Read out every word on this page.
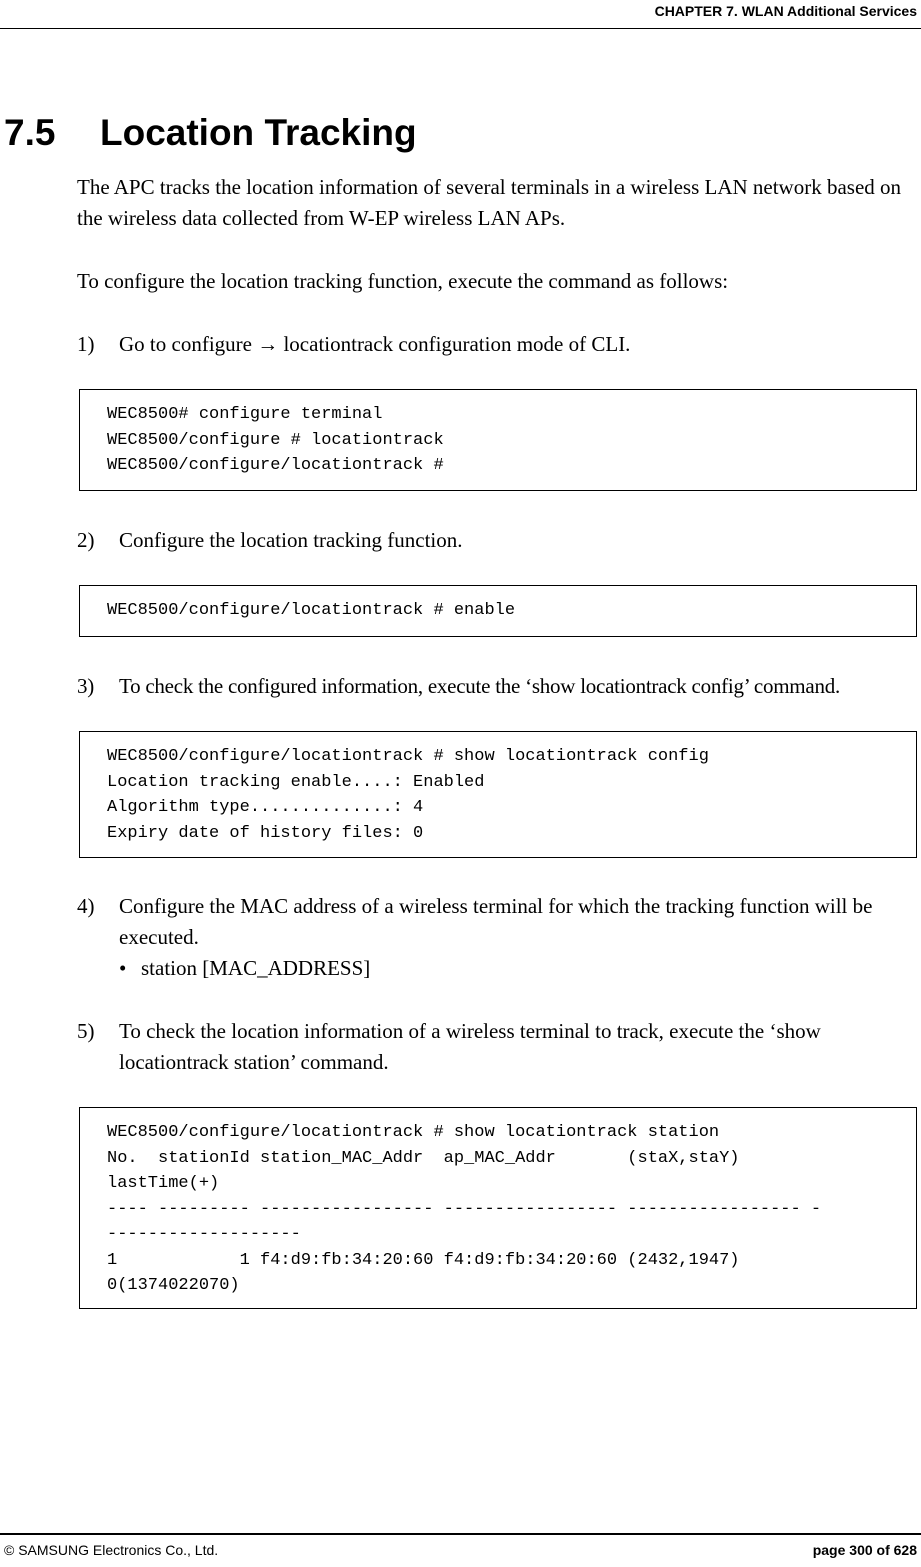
CHAPTER 7. WLAN Additional Services
7.5 Location Tracking

The APC tracks the location information of several terminals in a wireless LAN network based on the wireless data collected from W-EP wireless LAN APs.

To configure the location tracking function, execute the command as follows:

1)	Go to configure → locationtrack configuration mode of CLI.
WEC8500# configure terminal
WEC8500/configure # locationtrack
WEC8500/configure/locationtrack #
2)	Configure the location tracking function.
WEC8500/configure/locationtrack # enable
3)	To check the configured information, execute the ‘show locationtrack config’ command.
WEC8500/configure/locationtrack # show locationtrack config
Location tracking enable....: Enabled
Algorithm type..............: 4
Expiry date of history files: 0
4)	Configure the MAC address of a wireless terminal for which the tracking function will be executed.
• station [MAC_ADDRESS]
5)	To check the location information of a wireless terminal to track, execute the ‘show locationtrack station’ command.
WEC8500/configure/locationtrack # show locationtrack station
No.  stationId station_MAC_Addr  ap_MAC_Addr       (staX,staY)
lastTime(+)
---- --------- ----------------- ----------------- ----------------- -
-------------------
1            1 f4:d9:fb:34:20:60 f4:d9:fb:34:20:60 (2432,1947)
0(1374022070)
© SAMSUNG Electronics Co., Ltd.	page 300 of 628
